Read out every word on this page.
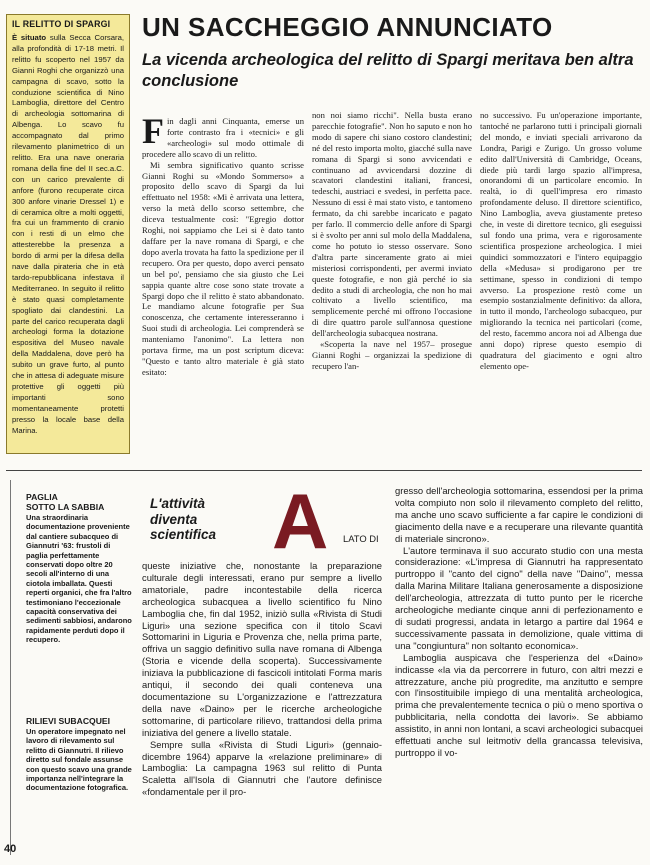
IL RELITTO DI SPARGI

È situato sulla Secca Corsara, alla profondità di 17-18 metri. Il relitto fu scoperto nel 1957 da Gianni Roghi che organizzò una campagna di scavo, sotto la conduzione scientifica di Nino Lamboglia, direttore del Centro di archeologia sottomarina di Albenga. Lo scavo fu accompagnato dal primo rilevamento planimetrico di un relitto. Era una nave oneraria romana della fine del II sec.a.C. con un carico prevalente di anfore (furono recuperate circa 300 anfore vinarie Dressel 1) e di ceramica oltre a molti oggetti, fra cui un frammento di cranio con i resti di un elmo che attesterebbe la presenza a bordo di armi per la difesa della nave dalla pirateria che in età tardo-repubblicana infestava il Mediterraneo. In seguito il relitto è stato quasi completamente spogliato dai clandestini. La parte del carico recuperata dagli archeologi forma la dotazione espositiva del Museo navale della Maddalena, dove però ha subito un grave furto, al punto che in attesa di adeguate misure protettive gli oggetti più importanti sono momentaneamente protetti presso la locale base della Marina.

UN SACCHEGGIO ANNUNCIATO
La vicenda archeologica del relitto di Spargi meritava ben altra conclusione

Fin dagli anni Cinquanta, emerse un forte contrasto fra i «tecnici» e gli «archeologi» sul modo ottimale di procedere allo scavo di un relitto.

Mi sembra significativo quanto scrisse Gianni Roghi su «Mondo Sommerso» a proposito dello scavo di Spargi da lui effettuato nel 1958: «Mi è arrivata una lettera, verso la metà dello scorso settembre, che diceva testualmente così: "Egregio dottor Roghi, noi sappiamo che Lei si è dato tanto daffare per la nave romana di Spargi, e che dopo averla trovata ha fatto la spedizione per il recupero. Ora per questo, dopo averci pensato un bel po', pensiamo che sia giusto che Lei sappia quante altre cose sono state trovate a Spargi dopo che il relitto è stato abbandonato. Le mandiamo alcune fotografie per Sua conoscenza, che certamente interesseranno i Suoi studi di archeologia. Lei comprenderà se manteniamo l'anonimo". La lettera non portava firme, ma un post scriptum diceva: "Questo e tanto altro materiale è già stato esitato:

non noi siamo ricchi". Nella busta erano parecchie fotografie". Non ho saputo e non ho modo di sapere chi siano costoro clandestini; né del resto importa molto, giacché sulla nave romana di Spargi si sono avvicendati e continuano ad avvicendarsi dozzine di scavatori clandestini italiani, francesi, tedeschi, austriaci e svedesi, in perfetta pace. Nessuno di essi è mai stato visto, e tantomeno fermato, da chi sarebbe incaricato e pagato per farlo. Il commercio delle anfore di Spargi si è svolto per anni sul molo della Maddalena, come ho potuto io stesso osservare. Sono d'altra parte sinceramente grato ai miei misteriosi corrispondenti, per avermi inviato queste fotografie, e non già perché io sia dedito a studi di archeologia, che non ho mai coltivato a livello scientifico, ma semplicemente perché mi offrono l'occasione di dire quattro parole sull'annosa questione dell'archeologia subacquea nostrana.

«Scoperta la nave nel 1957– prosegue Gianni Roghi – organizzai la spedizione di recupero l'an-

no successivo. Fu un'operazione importante, tantoché ne parlarono tutti i principali giornali del mondo, e inviati speciali arrivarono da Londra, Parigi e Zurigo. Un grosso volume edito dall'Università di Cambridge, Oceans, diede più tardi largo spazio all'impresa, onorandomi di un particolare encomio. In realtà, io di quell'impresa ero rimasto profondamente deluso. Il direttore scientifico, Nino Lamboglia, aveva giustamente preteso che, in veste di direttore tecnico, gli eseguissi sul fondo una prima, vera e rigorosamente scientifica prospezione archeologica. I miei quindici sommozzatori e l'intero equipaggio della «Medusa» si prodigarono per tre settimane, spesso in condizioni di tempo avverso. La prospezione restò come un esempio sostanzialmente definitivo: da allora, in tutto il mondo, l'archeologo subacqueo, pur migliorando la tecnica nei particolari (come, del resto, facemmo ancora noi ad Albenga due anni dopo) riprese questo esempio di quadratura del giacimento e ogni altro elemento ope-

PAGLIA
SOTTO LA SABBIA

Una straordinaria documentazione proveniente dal cantiere subacqueo di Giannutri '63: frustoli di paglia perfettamente conservati dopo oltre 20 secoli all'interno di una ciotola imballata. Questi reperti organici, che fra l'altro testimoniano l'eccezionale capacità conservativa dei sedimenti sabbiosi, andarono rapidamente perduti dopo il recupero.

RILIEVI SUBACQUEI

Un operatore impegnato nel lavoro di rilevamento sul relitto di Giannutri. Il rilievo diretto sul fondale assunse con questo scavo una grande importanza nell'integrare la documentazione fotografica.

L'attività
diventa
scientifica A LATO DI

queste iniziative che, nonostante la preparazione culturale degli interessati, erano pur sempre a livello amatoriale, padre incontestabile della ricerca archeologica subacquea a livello scientifico fu Nino Lamboglia che, fin dal 1952, iniziò sulla «Rivista di Studi Liguri» una sezione specifica con il titolo Scavi Sottomarini in Liguria e Provenza che, nella prima parte, offriva un saggio definitivo sulla nave romana di Albenga (Storia e vicende della scoperta). Successivamente iniziava la pubblicazione di fascicoli intitolati Forma maris antiqui, il secondo dei quali conteneva una documentazione su L'organizzazione e l'attrezzatura della nave «Daino» per le ricerche archeologiche sottomarine, di particolare rilievo, trattandosi della prima iniziativa del genere a livello statale.

Sempre sulla «Rivista di Studi Liguri» (gennaio-dicembre 1964) apparve la «relazione preliminare» di Lamboglia: La campagna 1963 sul relitto di Punta Scaletta all'Isola di Giannutri che l'autore definisce «fondamentale per il pro-

gresso dell'archeologia sottomarina, essendosi per la prima volta compiuto non solo il rilevamento completo del relitto, ma anche uno scavo sufficiente a far capire le condizioni di giacimento della nave e a recuperare una rilevante quantità di materiale sincrono».

L'autore terminava il suo accurato studio con una mesta considerazione: «L'impresa di Giannutri ha rappresentato purtroppo il "canto del cigno" della nave "Daino", messa dalla Marina Militare Italiana generosamente a disposizione dell'archeologia, attrezzata di tutto punto per le ricerche archeologiche mediante cinque anni di perfezionamento e di sudati progressi, andata in letargo a partire dal 1964 e successivamente passata in demolizione, quale vittima di una "congiuntura" non soltanto economica».

Lamboglia auspicava che l'esperienza del «Daino» indicasse «la via da percorrere in futuro, con altri mezzi e attrezzature, anche più progredite, ma anzitutto e sempre con l'insostituibile impiego di una mentalità archeologica, prima che prevalentemente tecnica o più o meno sportiva o pubblicitaria, nella condotta dei lavori». Se abbiamo assistito, in anni non lontani, a scavi archeologici subacquei effettuati anche sul leitmotiv della grancassa televisiva, purtroppo il vo-

40
